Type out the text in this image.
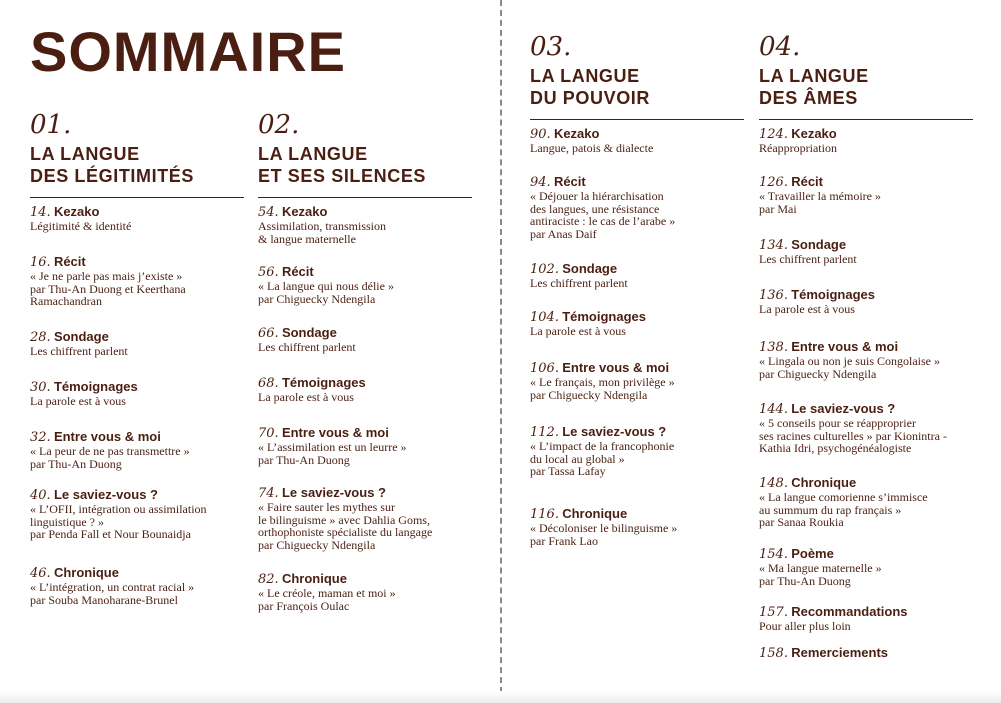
SOMMAIRE
01.
LA LANGUE
DES LÉGITIMITÉS
14. Kezako
Légitimité & identité
16. Récit
« Je ne parle pas mais j’existe »
par Thu-An Duong et Keerthana
Ramachandran
28. Sondage
Les chiffrent parlent
30. Témoignages
La parole est à vous
32. Entre vous & moi
« La peur de ne pas transmettre »
par Thu-An Duong
40. Le saviez-vous ?
« L’OFII, intégration ou assimilation
linguistique ? »
par Penda Fall et Nour Bounaidja
46. Chronique
« L’intégration, un contrat racial »
par Souba Manoharane-Brunel
02.
LA LANGUE
ET SES SILENCES
54. Kezako
Assimilation, transmission
& langue maternelle
56. Récit
« La langue qui nous délie »
par Chiguecky Ndengila
66. Sondage
Les chiffrent parlent
68. Témoignages
La parole est à vous
70. Entre vous & moi
« L’assimilation est un leurre »
par Thu-An Duong
74. Le saviez-vous ?
« Faire sauter les mythes sur
le bilinguisme » avec Dahlia Goms,
orthophoniste spécialiste du langage
par Chiguecky Ndengila
82. Chronique
« Le créole, maman et moi »
par François Oulac
03.
LA LANGUE
DU POUVOIR
90. Kezako
Langue, patois & dialecte
94. Récit
« Déjouer la hiérarchisation
des langues, une résistance
antiraciste : le cas de l’arabe »
par Anas Daif
102. Sondage
Les chiffrent parlent
104. Témoignages
La parole est à vous
106. Entre vous & moi
« Le français, mon privilège »
par Chiguecky Ndengila
112. Le saviez-vous ?
« L’impact de la francophonie
du local au global »
par Tassa Lafay
116. Chronique
« Décoloniser le bilinguisme »
par Frank Lao
04.
LA LANGUE
DES ÂMES
124. Kezako
Réappropriation
126. Récit
« Travailler la mémoire »
par Mai
134. Sondage
Les chiffrent parlent
136. Témoignages
La parole est à vous
138. Entre vous & moi
« Lingala ou non je suis Congolaise »
par Chiguecky Ndengila
144. Le saviez-vous ?
« 5 conseils pour se réapproprier
ses racines culturelles » par Kionintra -
Kathia Idri, psychogénéalogiste
148. Chronique
« La langue comorienne s’immisce
au summum du rap français »
par Sanaa Roukia
154. Poème
« Ma langue maternelle »
par Thu-An Duong
157. Recommandations
Pour aller plus loin
158. Remerciements
